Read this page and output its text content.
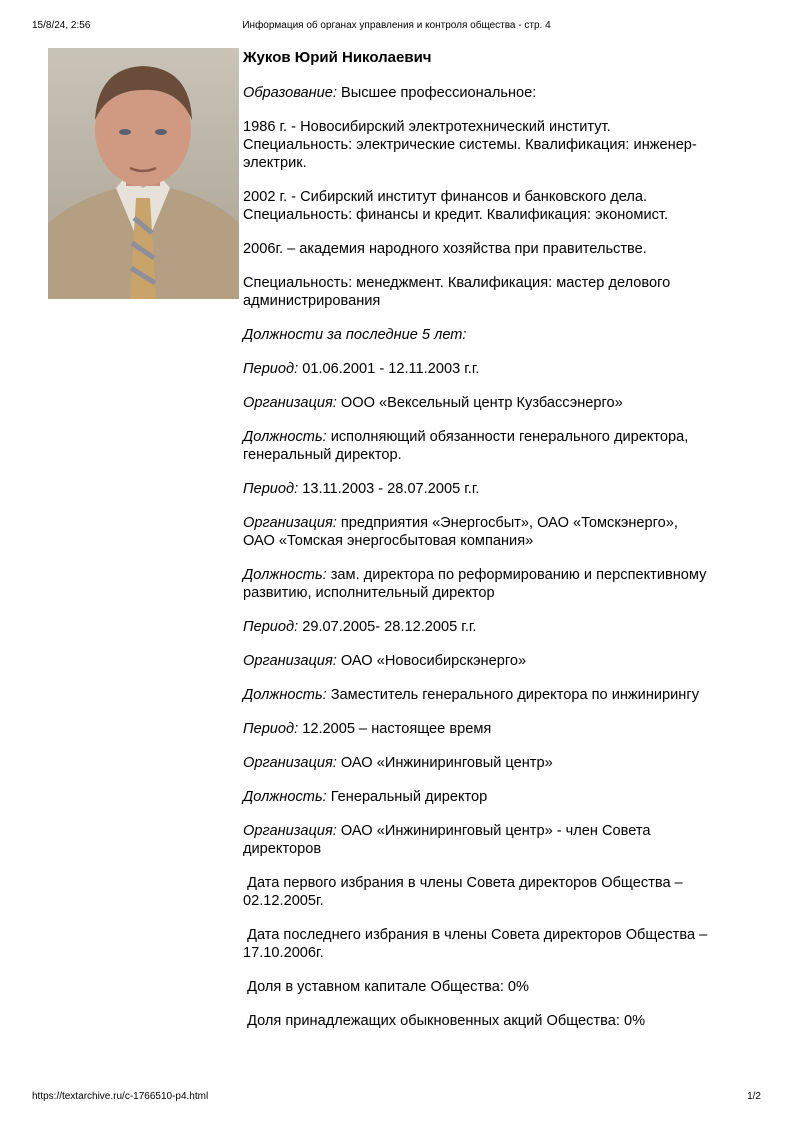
15/8/24, 2:56	Информация об органах управления и контроля общества - стр. 4

Жуков Юрий Николаевич

Образование: Высшее профессиональное:

1986 г. - Новосибирский электротехнический институт. Специальность: электрические системы. Квалификация: инженер-электрик.

2002 г. - Сибирский институт финансов и банковского дела. Специальность: финансы и кредит. Квалификация: экономист.

2006г. – академия народного хозяйства при правительстве.

Специальность: менеджмент. Квалификация: мастер делового администрирования

Должности за последние 5 лет:

Период: 01.06.2001 - 12.11.2003 г.г.

Организация: ООО «Вексельный центр Кузбассэнерго»

Должность: исполняющий обязанности генерального директора, генеральный директор.

Период: 13.11.2003 - 28.07.2005 г.г.

Организация: предприятия «Энергосбыт», ОАО «Томскэнерго», ОАО «Томская энергосбытовая компания»

Должность: зам. директора по реформированию и перспективному развитию, исполнительный директор

Период: 29.07.2005- 28.12.2005 г.г.

Организация: ОАО «Новосибирскэнерго»

Должность: Заместитель генерального директора по инжинирингу

Период: 12.2005 – настоящее время

Организация: ОАО «Инжиниринговый центр»

Должность: Генеральный директор

Организация: ОАО «Инжиниринговый центр» - член Совета директоров

Дата первого избрания в члены Совета директоров Общества – 02.12.2005г.

Дата последнего избрания в члены Совета директоров Общества – 17.10.2006г.

Доля в уставном капитале Общества: 0%

Доля принадлежащих обыкновенных акций Общества: 0%

https://textarchive.ru/c-1766510-p4.html	1/2
